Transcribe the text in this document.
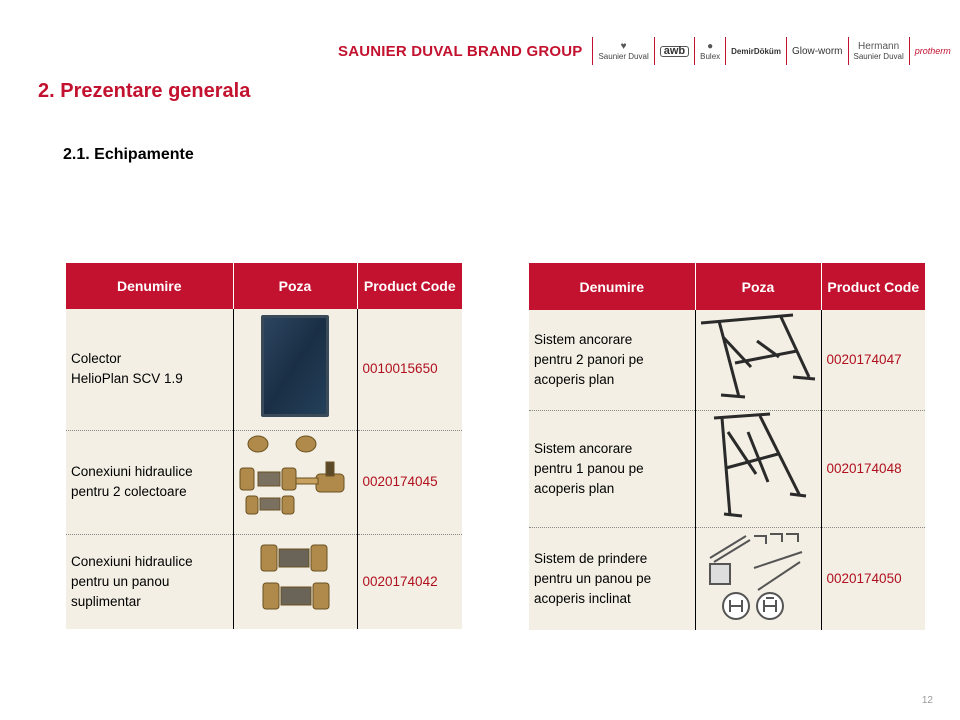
SAUNIER DUVAL BRAND GROUP	♥
Saunier Duval	awb	●
Bulex
DemirDöküm Glow-worm Hermann
Saunier Duval
protherm
2. Prezentare generala
2.1. Echipamente
Denumire	Poza	Product Code

Colector
HelioPlan SCV 1.9		0010015650

Conexiuni hidraulice
pentru 2 colectoare		0020174045

Conexiuni hidraulice
pentru un panou
suplimentar		0020174042
Denumire	Poza	Product Code

Sistem ancorare
pentru 2 panori pe
acoperis plan		0020174047

Sistem ancorare
pentru 1 panou pe
acoperis plan		0020174048

Sistem de prindere
pentru un panou pe
acoperis inclinat		0020174050
12
